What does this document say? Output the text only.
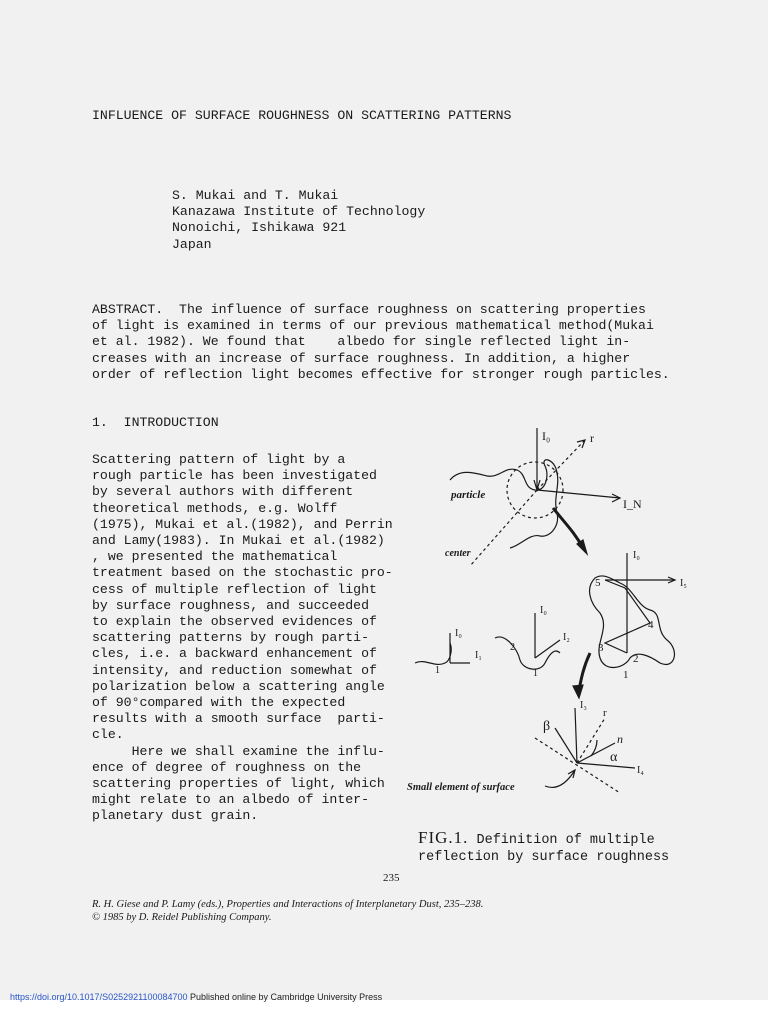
INFLUENCE OF SURFACE ROUGHNESS ON SCATTERING PATTERNS
S. Mukai and T. Mukai
Kanazawa Institute of Technology
Nonoichi, Ishikawa 921
Japan
ABSTRACT.  The influence of surface roughness on scattering properties
of light is examined in terms of our previous mathematical method(Mukai
et al. 1982). We found that    albedo for single reflected light in-
creases with an increase of surface roughness. In addition, a higher
order of reflection light becomes effective for stronger rough particles.
1.  INTRODUCTION
Scattering pattern of light by a
rough particle has been investigated
by several authors with different
theoretical methods, e.g. Wolff
(1975), Mukai et al.(1982), and Perrin
and Lamy(1983). In Mukai et al.(1982)
, we presented the mathematical
treatment based on the stochastic pro-
cess of multiple reflection of light
by surface roughness, and succeeded
to explain the observed evidences of
scattering patterns by rough parti-
cles, i.e. a backward enhancement of
intensity, and reduction somewhat of
polarization below a scattering angle
of 90°compared with the expected
results with a smooth surface  parti-
cle.
Here we shall examine the influ-
ence of degree of roughness on the
scattering properties of light, which
might relate to an albedo of inter-
planetary dust grain.
particle
center
I₀	r
I_N
I₀
I₁
1
I₀
I₂
2
1
I₀
I₅
5
4
3
2
1
I₃
r
n
α
β
I₄
Small element of surface
FIG.1. Definition of multiple
reflection by surface roughness
235
R. H. Giese and P. Lamy (eds.), Properties and Interactions of Interplanetary Dust, 235–238.
© 1985 by D. Reidel Publishing Company.
https://doi.org/10.1017/S0252921100084700 Published online by Cambridge University Press
